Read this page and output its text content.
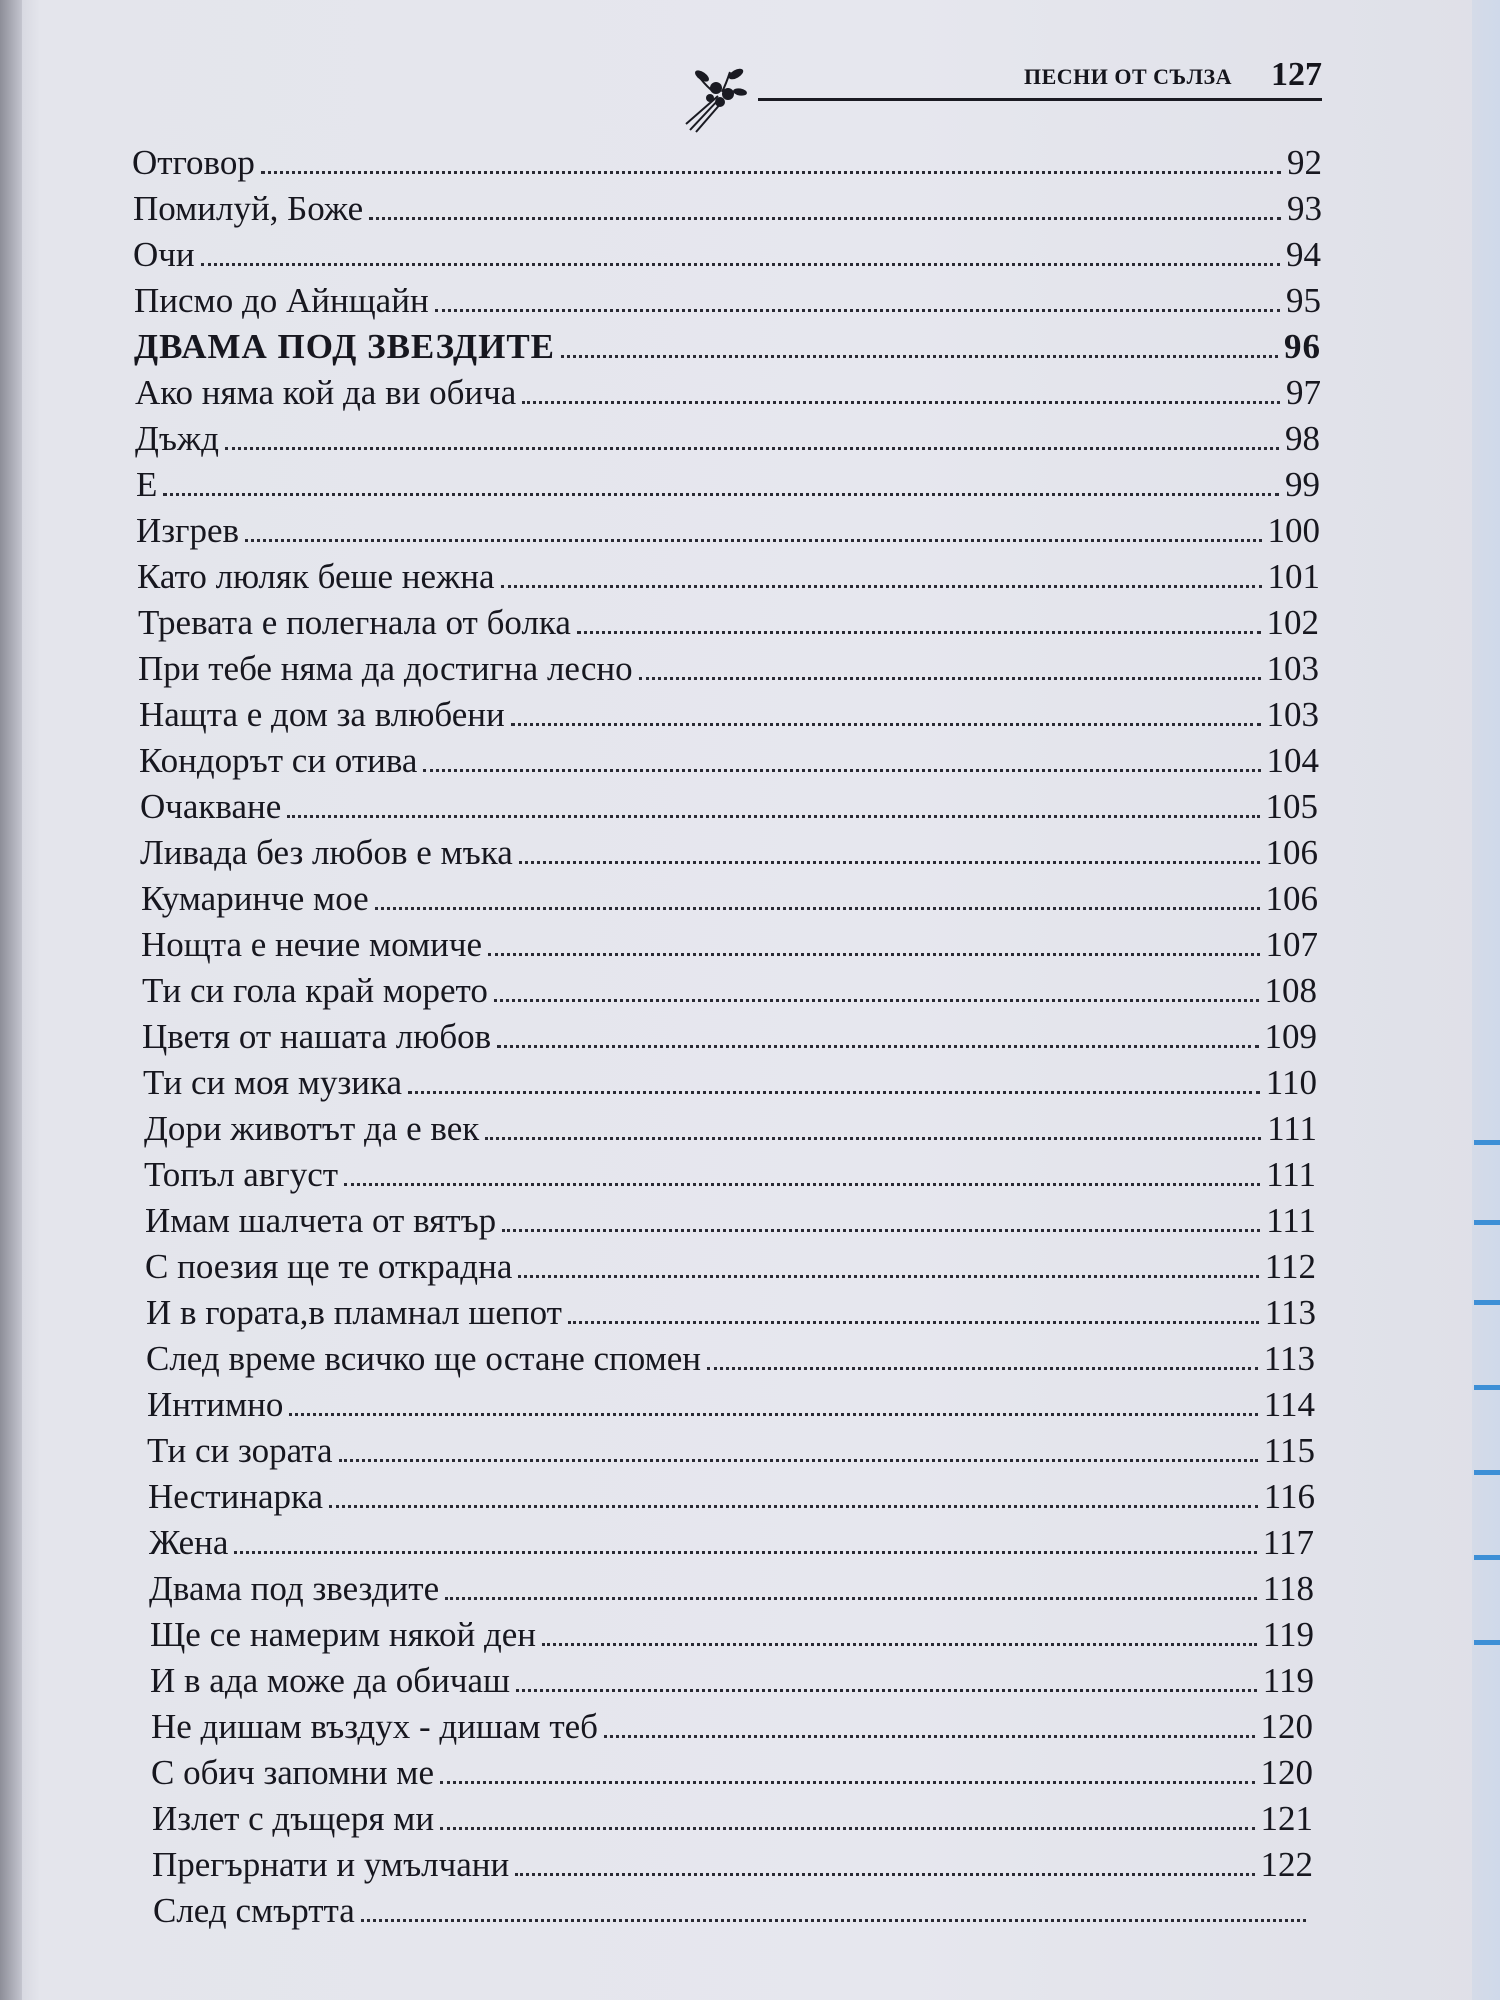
ПЕСНИ ОТ СЪЛЗА 127
Отговор	92
Помилуй, Боже	93
Очи	94
Писмо до Айнщайн	95
ДВАМА ПОД ЗВЕЗДИТЕ	96
Ако няма кой да ви обича	97
Дъжд	98
Е	99
Изгрев	100
Като люляк беше нежна	101
Тревата е полегнала от болка	102
При тебе няма да достигна лесно	103
Нащта е дом за влюбени	103
Кондорът си отива	104
Очакване	105
Ливада без любов е мъка	106
Кумаринче мое	106
Нощта е нечие момиче	107
Ти си гола край морето	108
Цветя от нашата любов	109
Ти си моя музика	110
Дори животът да е век	111
Топъл август	111
Имам шалчета от вятър	111
С поезия ще те открадна	112
И в гората,в пламнал шепот	113
След време всичко ще остане спомен	113
Интимно	114
Ти си зората	115
Нестинарка	116
Жена	117
Двама под звездите	118
Ще се намерим някой ден	119
И в ада може да обичаш	119
Не дишам въздух - дишам теб	120
С обич запомни ме	120
Излет с дъщеря ми	121
Прегърнати и умълчани	122
След смъртта
